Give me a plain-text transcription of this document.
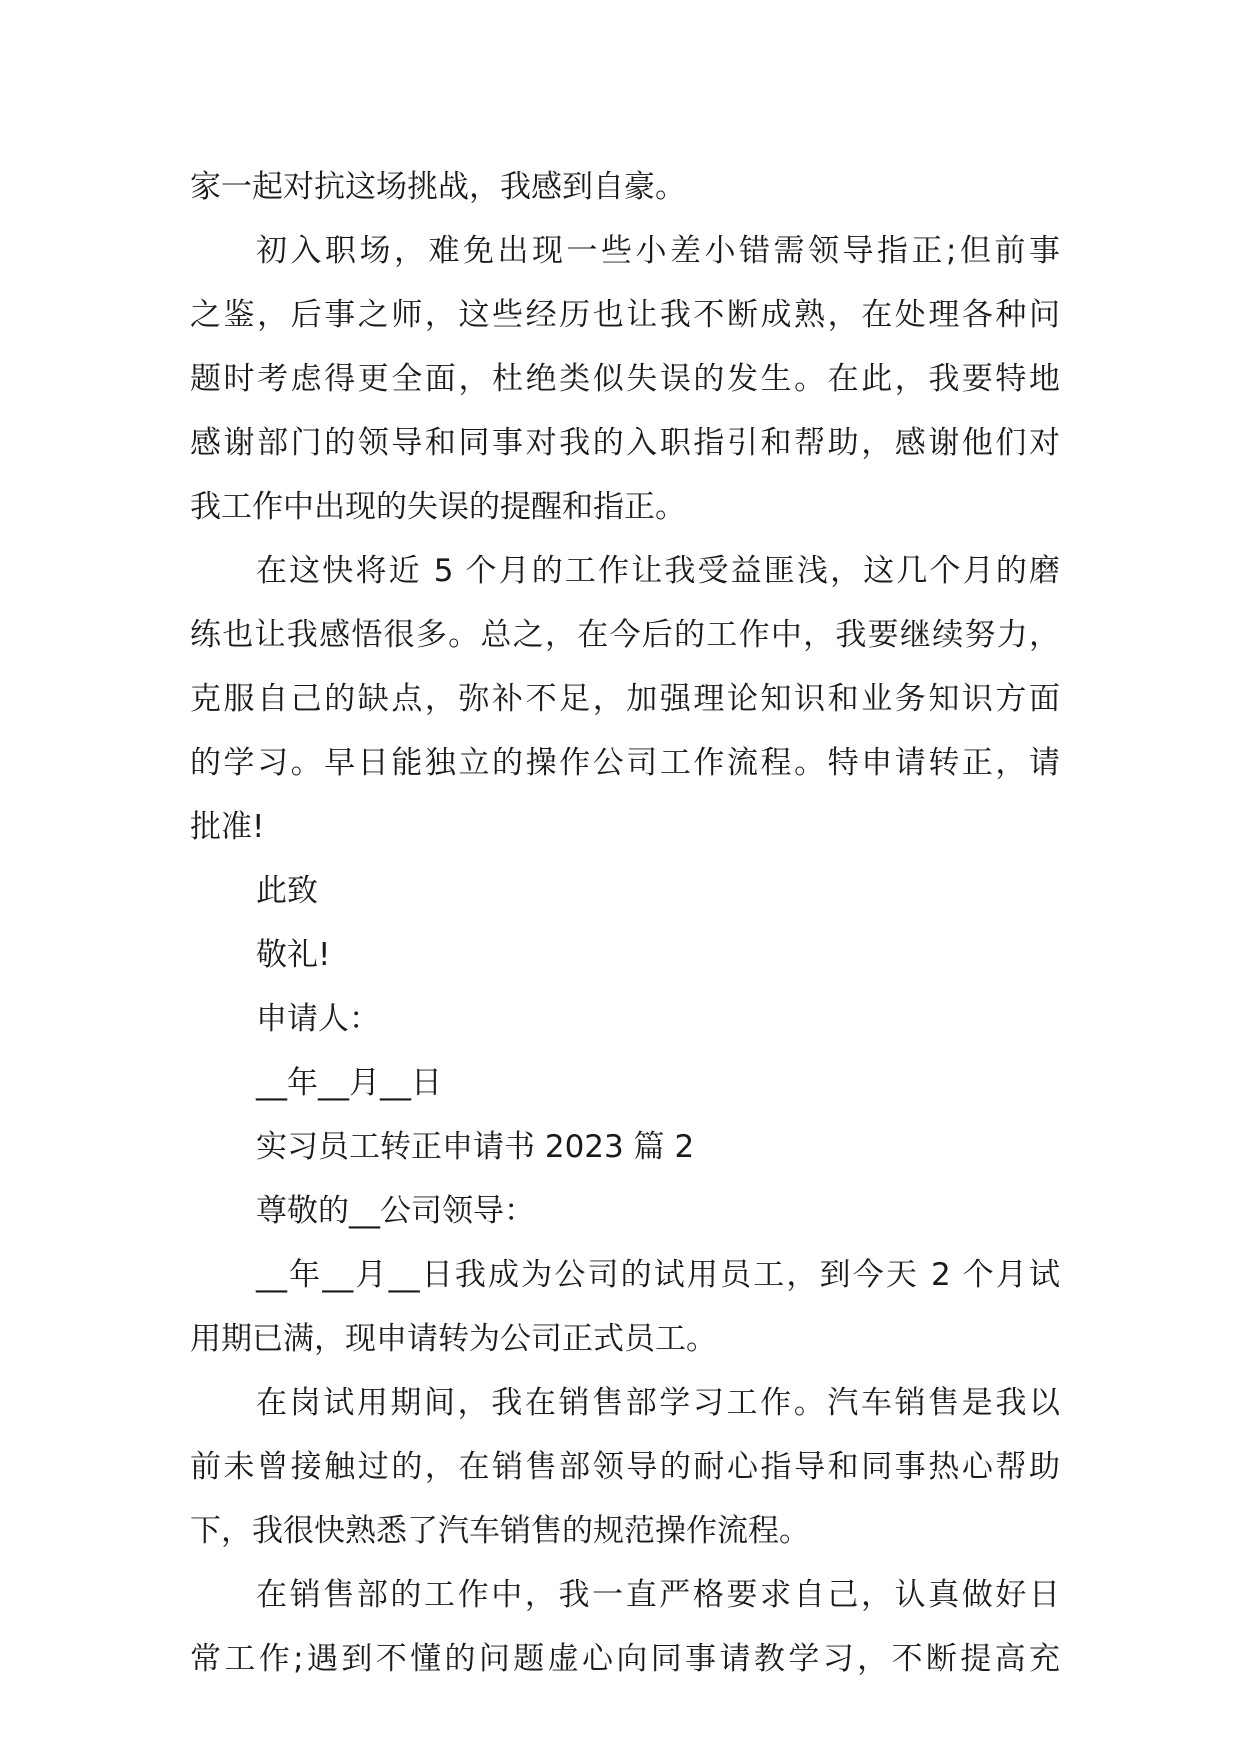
家一起对抗这场挑战，我感到自豪。
初入职场，难免出现一些小差小错需领导指正;但前事
之鉴，后事之师，这些经历也让我不断成熟，在处理各种问
题时考虑得更全面，杜绝类似失误的发生。在此，我要特地
感谢部门的领导和同事对我的入职指引和帮助，感谢他们对
我工作中出现的失误的提醒和指正。
在这快将近 5 个月的工作让我受益匪浅，这几个月的磨
练也让我感悟很多。总之，在今后的工作中，我要继续努力，
克服自己的缺点，弥补不足，加强理论知识和业务知识方面
的学习。早日能独立的操作公司工作流程。特申请转正，请
批准!
此致
敬礼!
申请人：
__年__月__日
实习员工转正申请书 2023 篇 2
尊敬的__公司领导：
__年__月__日我成为公司的试用员工，到今天 2 个月试
用期已满，现申请转为公司正式员工。
在岗试用期间，我在销售部学习工作。汽车销售是我以
前未曾接触过的，在销售部领导的耐心指导和同事热心帮助
下，我很快熟悉了汽车销售的规范操作流程。
在销售部的工作中，我一直严格要求自己，认真做好日
常工作;遇到不懂的问题虚心向同事请教学习，不断提高充
